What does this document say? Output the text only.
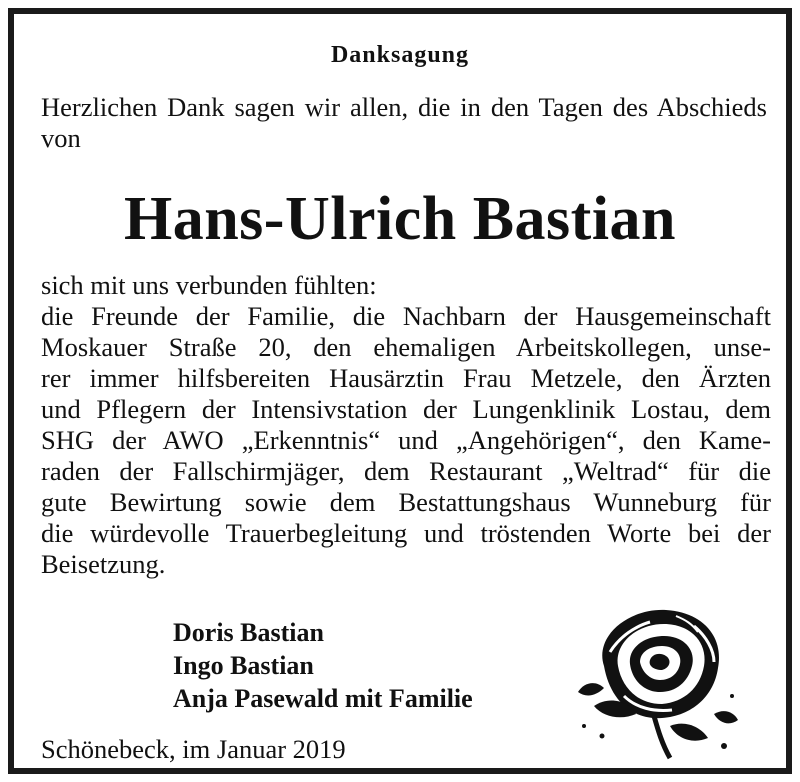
Danksagung
Herzlichen Dank sagen wir allen, die in den Tagen des Abschieds von
Hans-Ulrich Bastian
sich mit uns verbunden fühlten:
die Freunde der Familie, die Nachbarn der Hausgemeinschaft
Moskauer Straße 20, den ehemaligen Arbeitskollegen, unse-
rer immer hilfsbereiten Hausärztin Frau Metzele, den Ärzten
und Pflegern der Intensivstation der Lungenklinik Lostau, dem
SHG der AWO „Erkenntnis“ und „Angehörigen“, den Kame-
raden der Fallschirmjäger, dem Restaurant „Weltrad“ für die
gute Bewirtung sowie dem Bestattungshaus Wunneburg für
die würdevolle Trauerbegleitung und tröstenden Worte bei der
Beisetzung.
Doris Bastian
Ingo Bastian
Anja Pasewald mit Familie
Schönebeck, im Januar 2019
